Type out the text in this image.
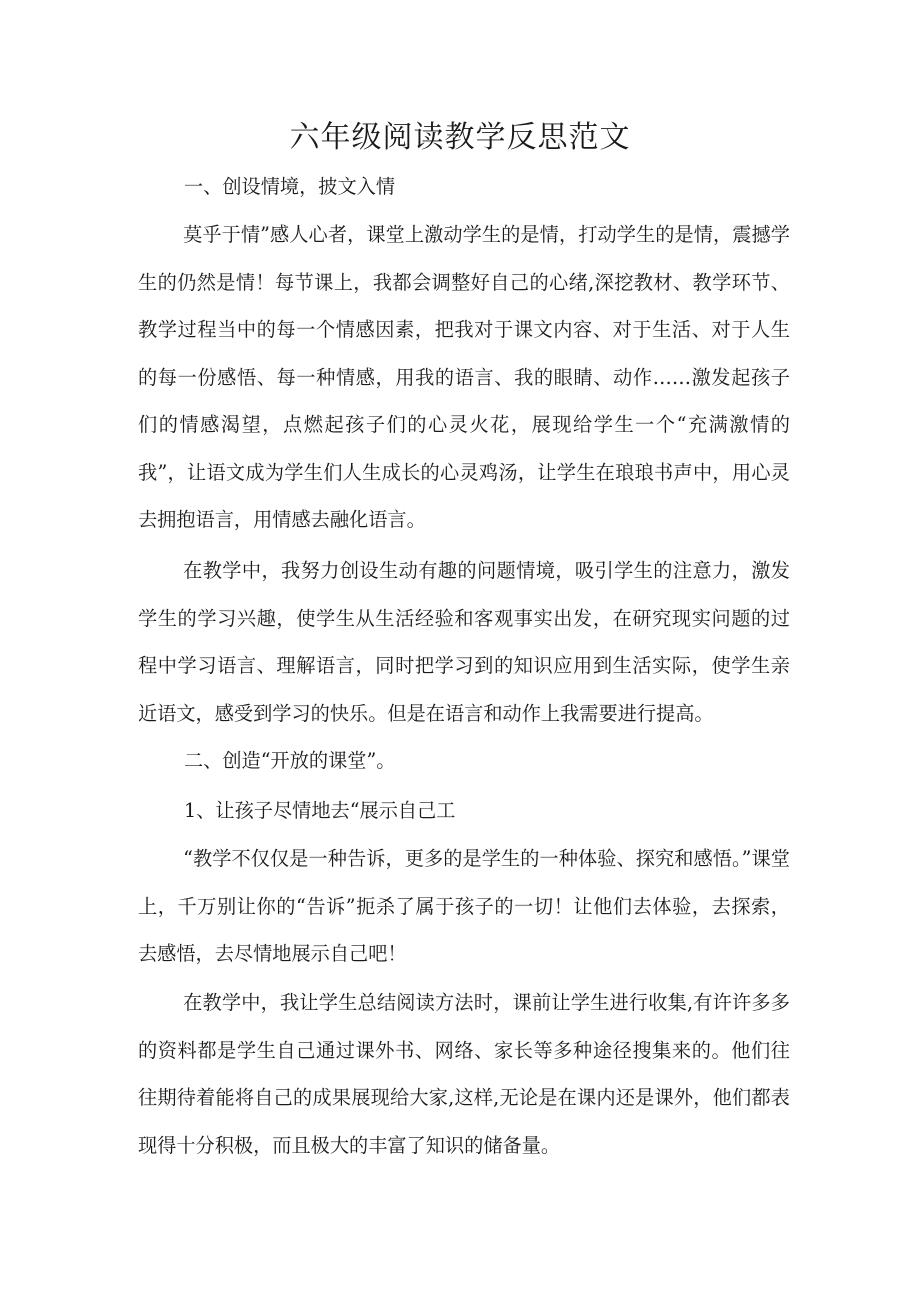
六年级阅读教学反思范文

一、创设情境，披文入情

莫乎于情”感人心者，课堂上激动学生的是情，打动学生的是情，震撼学生的仍然是情！每节课上，我都会调整好自己的心绪,深挖教材、教学环节、教学过程当中的每一个情感因素，把我对于课文内容、对于生活、对于人生的每一份感悟、每一种情感，用我的语言、我的眼睛、动作……激发起孩子们的情感渴望，点燃起孩子们的心灵火花，展现给学生一个“充满激情的我”，让语文成为学生们人生成长的心灵鸡汤，让学生在琅琅书声中，用心灵去拥抱语言，用情感去融化语言。

在教学中，我努力创设生动有趣的问题情境，吸引学生的注意力，激发学生的学习兴趣，使学生从生活经验和客观事实出发，在研究现实问题的过程中学习语言、理解语言，同时把学习到的知识应用到生活实际，使学生亲近语文，感受到学习的快乐。但是在语言和动作上我需要进行提高。

二、创造“开放的课堂”。

1、让孩子尽情地去“展示自己工

“教学不仅仅是一种告诉，更多的是学生的一种体验、探究和感悟。”课堂上，千万别让你的“告诉”扼杀了属于孩子的一切！让他们去体验，去探索，去感悟，去尽情地展示自己吧！

在教学中，我让学生总结阅读方法时，课前让学生进行收集,有许许多多的资料都是学生自己通过课外书、网络、家长等多种途径搜集来的。他们往往期待着能将自己的成果展现给大家,这样,无论是在课内还是课外，他们都表现得十分积极，而且极大的丰富了知识的储备量。
